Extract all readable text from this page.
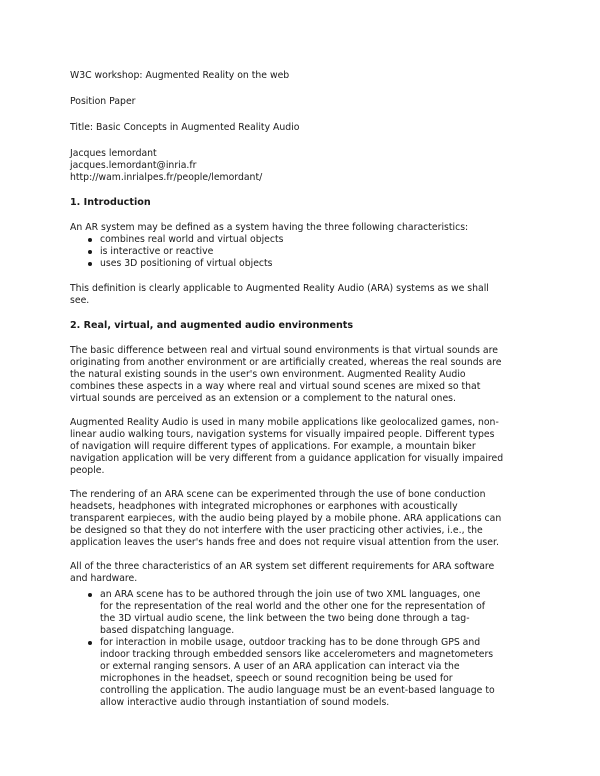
W3C workshop: Augmented Reality on the web

Position Paper

Title: Basic Concepts in Augmented Reality Audio

Jacques lemordant

jacques.lemordant@inria.fr

http://wam.inrialpes.fr/people/lemordant/

1. Introduction

An AR system may be defined as a system having the three following characteristics:

combines real world and virtual objects
is interactive or reactive
uses 3D positioning of virtual objects

This definition is clearly applicable to Augmented Reality Audio (ARA) systems as we shall

see.

2. Real, virtual, and augmented audio environments

The basic difference between real and virtual sound environments is that virtual sounds are

originating from another environment or are artificially created, whereas the real sounds are

the natural existing sounds in the user's own environment. Augmented Reality Audio

combines these aspects in a way where real and virtual sound scenes are mixed so that

virtual sounds are perceived as an extension or a complement to the natural ones.

Augmented Reality Audio is used in many mobile applications like geolocalized games, non-

linear audio walking tours, navigation systems for visually impaired people. Different types

of navigation will require different types of applications. For example, a mountain biker

navigation application will be very different from a guidance application for visually impaired

people.

The rendering of an ARA scene can be experimented through the use of bone conduction

headsets, headphones with integrated microphones or earphones with acoustically

transparent earpieces, with the audio being played by a mobile phone. ARA applications can

be designed so that they do not interfere with the user practicing other activies, i.e., the

application leaves the user's hands free and does not require visual attention from the user.

All of the three characteristics of an AR system set different requirements for ARA software

and hardware.

an ARA scene has to be authored through the join use of two XML languages, one

for the representation of the real world and the other one for the representation of

the 3D virtual audio scene, the link between the two being done through a tag-

based dispatching language.

for interaction in mobile usage, outdoor tracking has to be done through GPS and

indoor tracking through embedded sensors like accelerometers and magnetometers

or external ranging sensors. A user of an ARA application can interact via the

microphones in the headset, speech or sound recognition being be used for

controlling the application. The audio language must be an event-based language to

allow interactive audio through instantiation of sound models.
